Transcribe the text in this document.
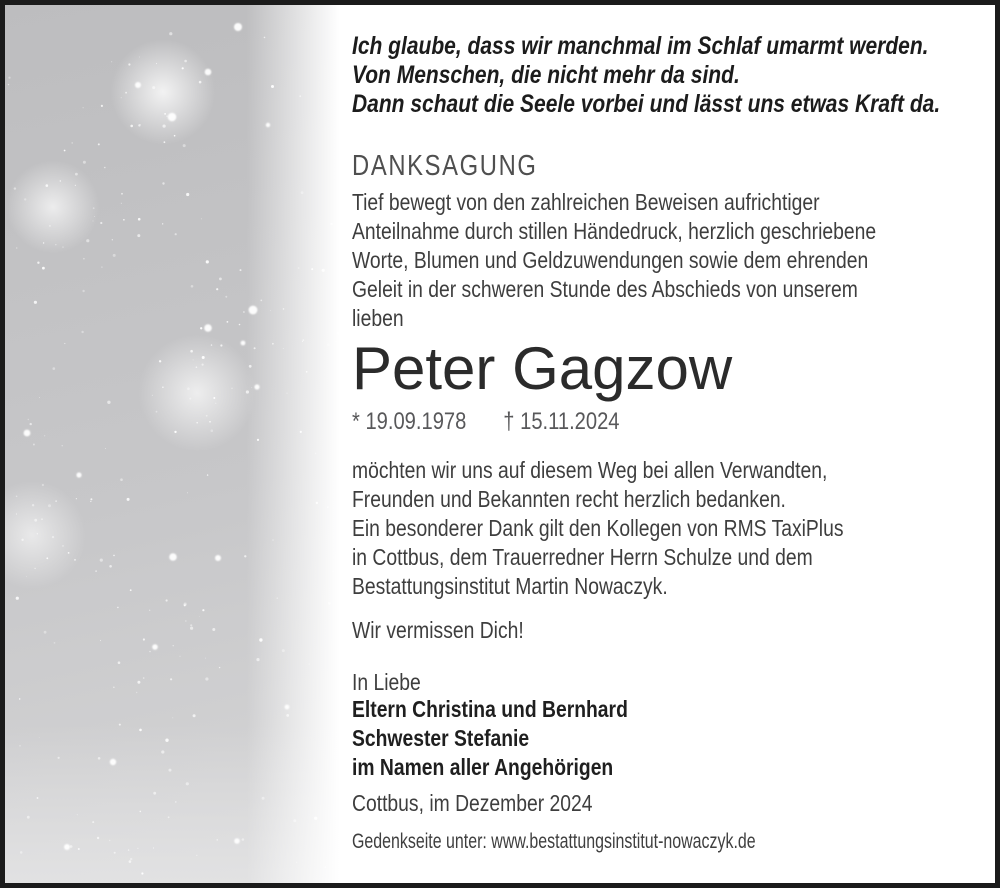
Ich glaube, dass wir manchmal im Schlaf umarmt werden.
Von Menschen, die nicht mehr da sind.
Dann schaut die Seele vorbei und lässt uns etwas Kraft da.
DANKSAGUNG
Tief bewegt von den zahlreichen Beweisen aufrichtiger
Anteilnahme durch stillen Händedruck, herzlich geschriebene
Worte, Blumen und Geldzuwendungen sowie dem ehrenden
Geleit in der schweren Stunde des Abschieds von unserem
lieben
Peter Gagzow
* 19.09.1978 † 15.11.2024
möchten wir uns auf diesem Weg bei allen Verwandten,
Freunden und Bekannten recht herzlich bedanken.
Ein besonderer Dank gilt den Kollegen von RMS TaxiPlus
in Cottbus, dem Trauerredner Herrn Schulze und dem
Bestattungsinstitut Martin Nowaczyk.
Wir vermissen Dich!
In Liebe
Eltern Christina und Bernhard
Schwester Stefanie
im Namen aller Angehörigen
Cottbus, im Dezember 2024
Gedenkseite unter: www.bestattungsinstitut-nowaczyk.de
